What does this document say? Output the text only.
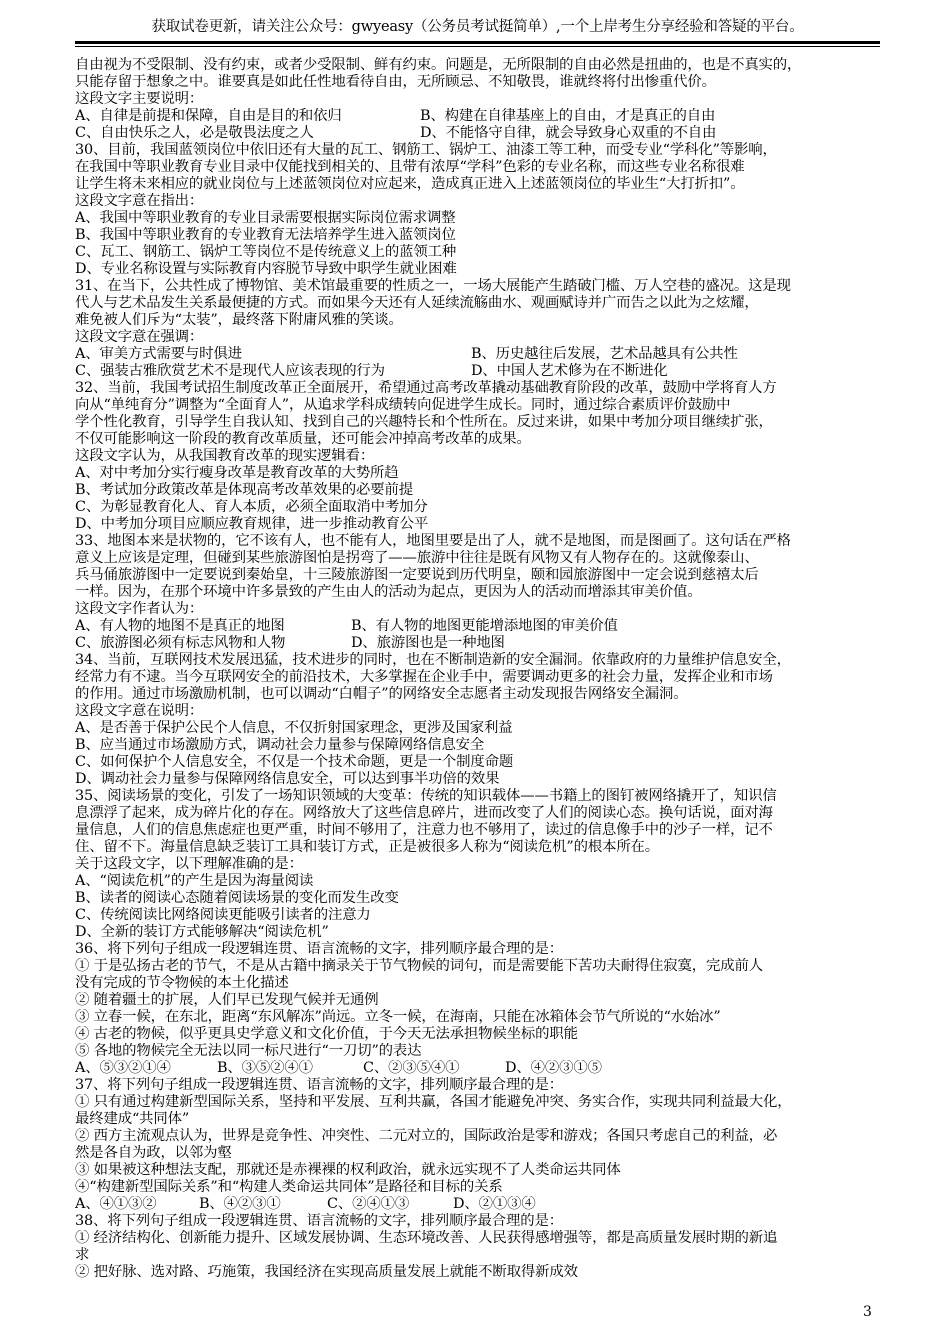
获取试卷更新，请关注公众号：gwyeasy（公务员考试挺简单）,一个上岸考生分享经验和答疑的平台。
自由视为不受限制、没有约束，或者少受限制、鲜有约束。问题是，无所限制的自由必然是扭曲的，也是不真实的，
只能存留于想象之中。谁要真是如此任性地看待自由，无所顾忌、不知敬畏，谁就终将付出惨重代价。
这段文字主要说明：
A、自律是前提和保障，自由是目的和依归	B、构建在自律基座上的自由，才是真正的自由
C、自由快乐之人，必是敬畏法度之人	D、不能恪守自律，就会导致身心双重的不自由
30、目前，我国蓝领岗位中依旧还有大量的瓦工、钢筋工、锅炉工、油漆工等工种，而受专业“学科化”等影响，
在我国中等职业教育专业目录中仅能找到相关的、且带有浓厚“学科”色彩的专业名称，而这些专业名称很难
让学生将未来相应的就业岗位与上述蓝领岗位对应起来，造成真正进入上述蓝领岗位的毕业生“大打折扣”。
这段文字意在指出：
A、我国中等职业教育的专业目录需要根据实际岗位需求调整
B、我国中等职业教育的专业教育无法培养学生进入蓝领岗位
C、瓦工、钢筋工、锅炉工等岗位不是传统意义上的蓝领工种
D、专业名称设置与实际教育内容脱节导致中职学生就业困难
31、在当下，公共性成了博物馆、美术馆最重要的性质之一，一场大展能产生踏破门槛、万人空巷的盛况。这是现
代人与艺术品发生关系最便捷的方式。而如果今天还有人延续流觞曲水、观画赋诗并广而告之以此为之炫耀，
难免被人们斥为“太装”，最终落下附庸风雅的笑谈。
这段文字意在强调：
A、审美方式需要与时俱进	B、历史越往后发展，艺术品越具有公共性
C、强装古雅欣赏艺术不是现代人应该表现的行为	D、中国人艺术修为在不断进化
32、当前，我国考试招生制度改革正全面展开，希望通过高考改革撬动基础教育阶段的改革，鼓励中学将育人方
向从“单纯育分”调整为“全面育人”，从追求学科成绩转向促进学生成长。同时，通过综合素质评价鼓励中
学个性化教育，引导学生自我认知、找到自己的兴趣特长和个性所在。反过来讲，如果中考加分项目继续扩张，
不仅可能影响这一阶段的教育改革质量，还可能会冲掉高考改革的成果。
这段文字认为，从我国教育改革的现实逻辑看：
A、对中考加分实行瘦身改革是教育改革的大势所趋
B、考试加分政策改革是体现高考改革效果的必要前提
C、为彰显教育化人、育人本质，必须全面取消中考加分
D、中考加分项目应顺应教育规律，进一步推动教育公平
33、地图本来是状物的，它不该有人，也不能有人，地图里要是出了人，就不是地图，而是图画了。这句话在严格
意义上应该是定理，但碰到某些旅游图怕是拐弯了——旅游中往往是既有风物又有人物存在的。这就像泰山、
兵马俑旅游图中一定要说到秦始皇，十三陵旅游图一定要说到历代明皇，颐和园旅游图中一定会说到慈禧太后
一样。因为，在那个环境中许多景致的产生由人的活动为起点，更因为人的活动而增添其审美价值。
这段文字作者认为：
A、有人物的地图不是真正的地图	B、有人物的地图更能增添地图的审美价值
C、旅游图必须有标志风物和人物	D、旅游图也是一种地图
34、当前，互联网技术发展迅猛，技术进步的同时，也在不断制造新的安全漏洞。依靠政府的力量维护信息安全，
经常力有不逮。当今互联网安全的前沿技术，大多掌握在企业手中，需要调动更多的社会力量，发挥企业和市场
的作用。通过市场激励机制，也可以调动“白帽子”的网络安全志愿者主动发现报告网络安全漏洞。
这段文字意在说明：
A、是否善于保护公民个人信息，不仅折射国家理念，更涉及国家利益
B、应当通过市场激励方式，调动社会力量参与保障网络信息安全
C、如何保护个人信息安全，不仅是一个技术命题，更是一个制度命题
D、调动社会力量参与保障网络信息安全，可以达到事半功倍的效果
35、阅读场景的变化，引发了一场知识领域的大变革：传统的知识载体——书籍上的图钉被网络撬开了，知识信
息漂浮了起来，成为碎片化的存在。网络放大了这些信息碎片，进而改变了人们的阅读心态。换句话说，面对海
量信息，人们的信息焦虑症也更严重，时间不够用了，注意力也不够用了，读过的信息像手中的沙子一样，记不
住、留不下。海量信息缺乏装订工具和装订方式，正是被很多人称为“阅读危机”的根本所在。
关于这段文字，以下理解准确的是：
A、“阅读危机”的产生是因为海量阅读
B、读者的阅读心态随着阅读场景的变化而发生改变
C、传统阅读比网络阅读更能吸引读者的注意力
D、全新的装订方式能够解决“阅读危机”
36、将下列句子组成一段逻辑连贯、语言流畅的文字，排列顺序最合理的是：
① 于是弘扬古老的节气，不是从古籍中摘录关于节气物候的词句，而是需要能下苦功夫耐得住寂寞，完成前人
没有完成的节令物候的本土化描述
② 随着疆土的扩展，人们早已发现气候并无通例
③ 立春一候，在东北，距离“东风解冻”尚远。立冬一候，在海南，只能在冰箱体会节气所说的“水始冰”
④ 古老的物候，似乎更具史学意义和文化价值，于今天无法承担物候坐标的职能
⑤ 各地的物候完全无法以同一标尺进行“一刀切”的表达
A、⑤③②①④	B、③⑤②④①	C、②③⑤④①	D、④②③①⑤
37、将下列句子组成一段逻辑连贯、语言流畅的文字，排列顺序最合理的是：
① 只有通过构建新型国际关系，坚持和平发展、互利共赢，各国才能避免冲突、务实合作，实现共同利益最大化，
最终建成“共同体”
② 西方主流观点认为，世界是竞争性、冲突性、二元对立的，国际政治是零和游戏；各国只考虑自己的利益，必
然是各自为政，以邻为壑
③ 如果被这种想法支配，那就还是赤裸裸的权利政治，就永远实现不了人类命运共同体
④“构建新型国际关系”和“构建人类命运共同体”是路径和目标的关系
A、④①③②	B、④②③①	C、②④①③	D、②①③④
38、将下列句子组成一段逻辑连贯、语言流畅的文字，排列顺序最合理的是：
① 经济结构化、创新能力提升、区域发展协调、生态环境改善、人民获得感增强等，都是高质量发展时期的新追
求
② 把好脉、选对路、巧施策，我国经济在实现高质量发展上就能不断取得新成效
3
